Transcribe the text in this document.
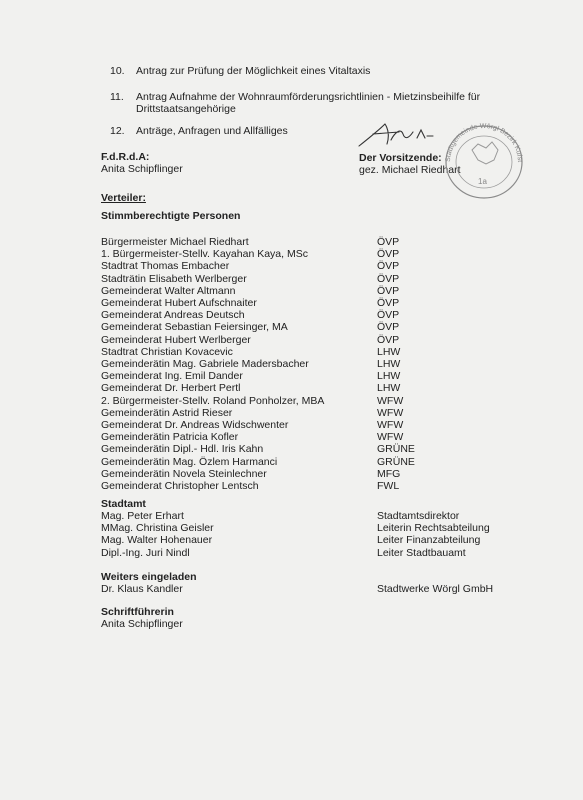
10. Antrag zur Prüfung der Möglichkeit eines Vitaltaxis
11. Antrag Aufnahme der Wohnraumförderungsrichtlinien - Mietzinsbeihilfe für
Drittstaatsangehörige
12. Anträge, Anfragen und Allfälliges
F.d.R.d.A:
Anita Schipflinger
Der Vorsitzende:
gez. Michael Riedhart
Stadtgemeinde Wörgl Bezirk Kufst
1a
Verteiler:
Stimmberechtigte Personen
Bürgermeister Michael Riedhart	ÖVP
1. Bürgermeister-Stellv. Kayahan Kaya, MSc	ÖVP
Stadtrat Thomas Embacher	ÖVP
Stadträtin Elisabeth Werlberger	ÖVP
Gemeinderat Walter Altmann	ÖVP
Gemeinderat Hubert Aufschnaiter	ÖVP
Gemeinderat Andreas Deutsch	ÖVP
Gemeinderat Sebastian Feiersinger, MA	ÖVP
Gemeinderat Hubert Werlberger	ÖVP
Stadtrat Christian Kovacevic	LHW
Gemeinderätin Mag. Gabriele Madersbacher	LHW
Gemeinderat Ing. Emil Dander	LHW
Gemeinderat Dr. Herbert Pertl	LHW
2. Bürgermeister-Stellv. Roland Ponholzer, MBA	WFW
Gemeinderätin Astrid Rieser	WFW
Gemeinderat Dr. Andreas Widschwenter	WFW
Gemeinderätin Patricia Kofler	WFW
Gemeinderätin Dipl.- Hdl. Iris Kahn	GRÜNE
Gemeinderätin Mag. Özlem Harmanci	GRÜNE
Gemeinderätin Novela Steinlechner	MFG
Gemeinderat Christopher Lentsch	FWL
Stadtamt
Mag. Peter Erhart	Stadtamtsdirektor
MMag. Christina Geisler	Leiterin Rechtsabteilung
Mag. Walter Hohenauer	Leiter Finanzabteilung
Dipl.-Ing. Juri Nindl	Leiter Stadtbauamt
Weiters eingeladen
Dr. Klaus Kandler	Stadtwerke Wörgl GmbH
Schriftführerin
Anita Schipflinger
